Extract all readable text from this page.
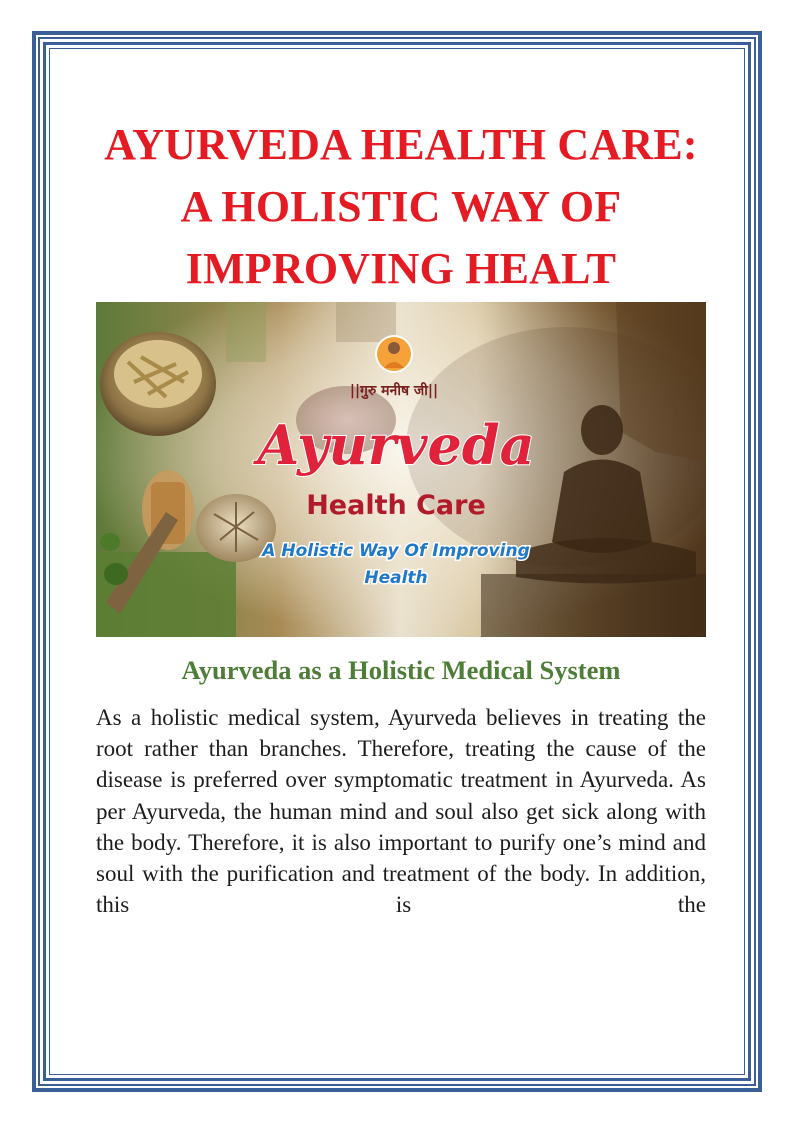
AYURVEDA HEALTH CARE: A HOLISTIC WAY OF IMPROVING HEALT
||गुरु मनीष जी||
Ayurveda
Health Care
A Holistic Way Of Improving
Health
Ayurveda as a Holistic Medical System

As a holistic medical system, Ayurveda believes in treating the root rather than branches. Therefore, treating the cause of the disease is preferred over symptomatic treatment in Ayurveda. As per Ayurveda, the human mind and soul also get sick along with the body. Therefore, it is also important to purify one’s mind and soul with the purification and treatment of the body. In addition, this is the
